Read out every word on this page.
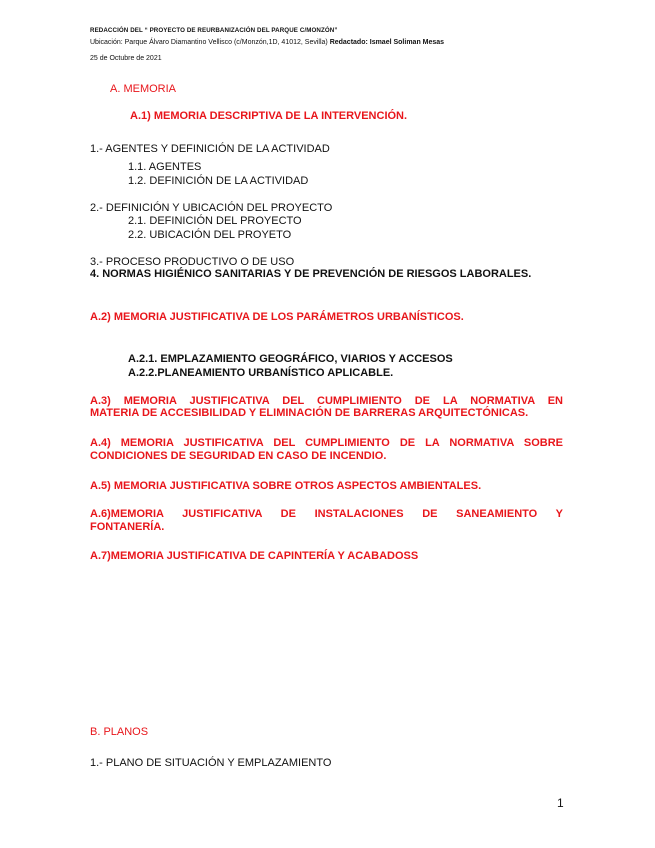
REDACCIÓN DEL “ PROYECTO DE REURBANIZACIÓN DEL PARQUE C/MONZÓN”
Ubicación: Parque Álvaro Diamantino Vellisco (c/Monzón,1D, 41012, Sevilla) Redactado: Ismael Soliman Mesas
25 de Octubre de 2021
A. MEMORIA
A.1) MEMORIA DESCRIPTIVA DE LA INTERVENCIÓN.
1.- AGENTES Y DEFINICIÓN DE LA ACTIVIDAD
1.1. AGENTES
1.2. DEFINICIÓN DE LA ACTIVIDAD
2.- DEFINICIÓN Y UBICACIÓN DEL PROYECTO
2.1. DEFINICIÓN DEL PROYECTO
2.2. UBICACIÓN DEL PROYETO
3.- PROCESO PRODUCTIVO O DE USO
4. NORMAS HIGIÉNICO SANITARIAS Y DE PREVENCIÓN DE RIESGOS LABORALES.
A.2) MEMORIA JUSTIFICATIVA DE LOS PARÁMETROS URBANÍSTICOS.
A.2.1. EMPLAZAMIENTO GEOGRÁFICO, VIARIOS Y ACCESOS
A.2.2.PLANEAMIENTO URBANÍSTICO APLICABLE.
A.3) MEMORIA JUSTIFICATIVA DEL CUMPLIMIENTO DE LA NORMATIVA EN
MATERIA DE ACCESIBILIDAD Y ELIMINACIÓN DE BARRERAS ARQUITECTÓNICAS.
A.4) MEMORIA JUSTIFICATIVA DEL CUMPLIMIENTO DE LA NORMATIVA SOBRE
CONDICIONES DE SEGURIDAD EN CASO DE INCENDIO.
A.5) MEMORIA JUSTIFICATIVA SOBRE OTROS ASPECTOS AMBIENTALES.
A.6)MEMORIA JUSTIFICATIVA DE INSTALACIONES DE SANEAMIENTO Y
FONTANERÍA.
A.7)MEMORIA JUSTIFICATIVA DE CAPINTERÍA Y ACABADOSS
B. PLANOS
1.- PLANO DE SITUACIÓN Y EMPLAZAMIENTO
1
